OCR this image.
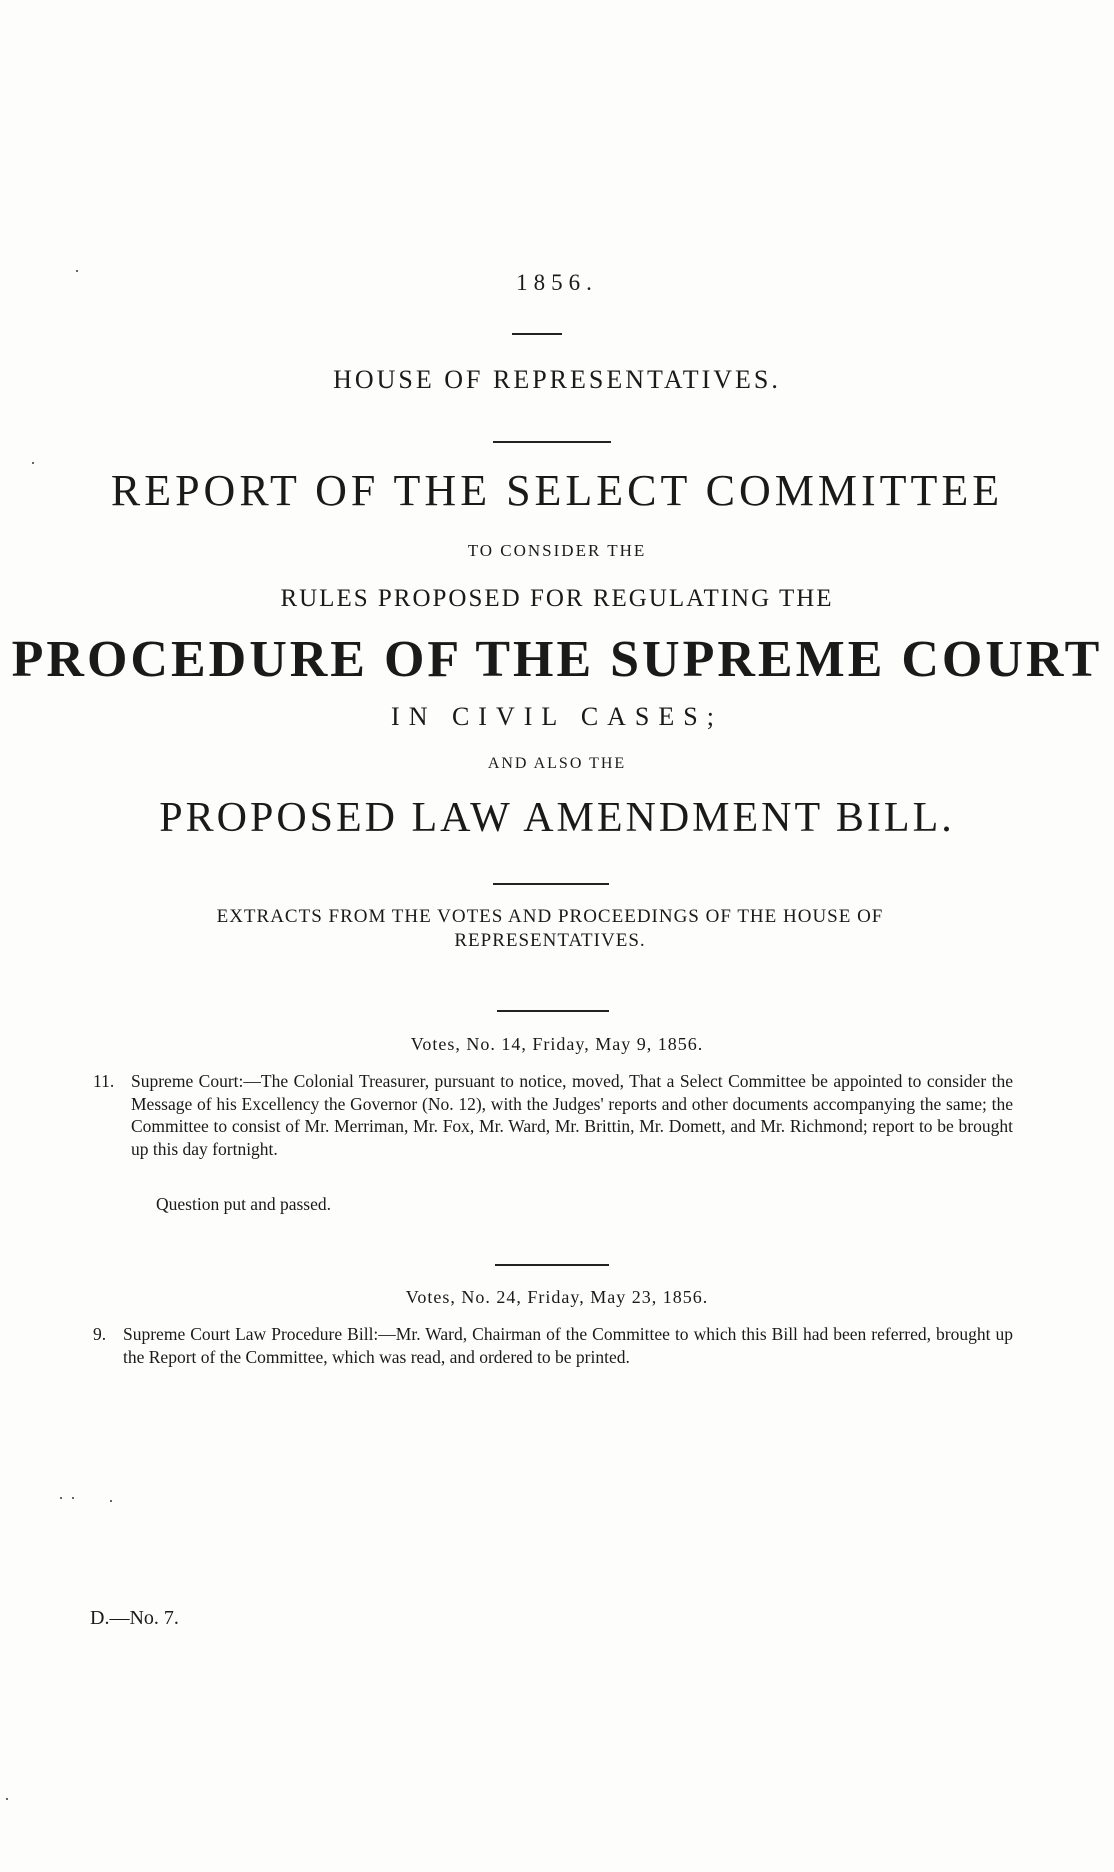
1856.
HOUSE OF REPRESENTATIVES.
REPORT OF THE SELECT COMMITTEE
TO CONSIDER THE
RULES PROPOSED FOR REGULATING THE
PROCEDURE OF THE SUPREME COURT
IN CIVIL CASES;
AND ALSO THE
PROPOSED LAW AMENDMENT BILL.
EXTRACTS FROM THE VOTES AND PROCEEDINGS OF THE HOUSE OF
REPRESENTATIVES.
Votes, No. 14, Friday, May 9, 1856.
11. Supreme Court:—The Colonial Treasurer, pursuant to notice, moved, That a Select Committee be appointed to consider the Message of his Excellency the Governor (No. 12), with the Judges' reports and other documents accompanying the same; the Committee to consist of Mr. Merriman, Mr. Fox, Mr. Ward, Mr. Brittin, Mr. Domett, and Mr. Richmond; report to be brought up this day fortnight.
Question put and passed.
Votes, No. 24, Friday, May 23, 1856.
9. Supreme Court Law Procedure Bill:—Mr. Ward, Chairman of the Committee to which this Bill had been referred, brought up the Report of the Committee, which was read, and ordered to be printed.
D.—No. 7.
